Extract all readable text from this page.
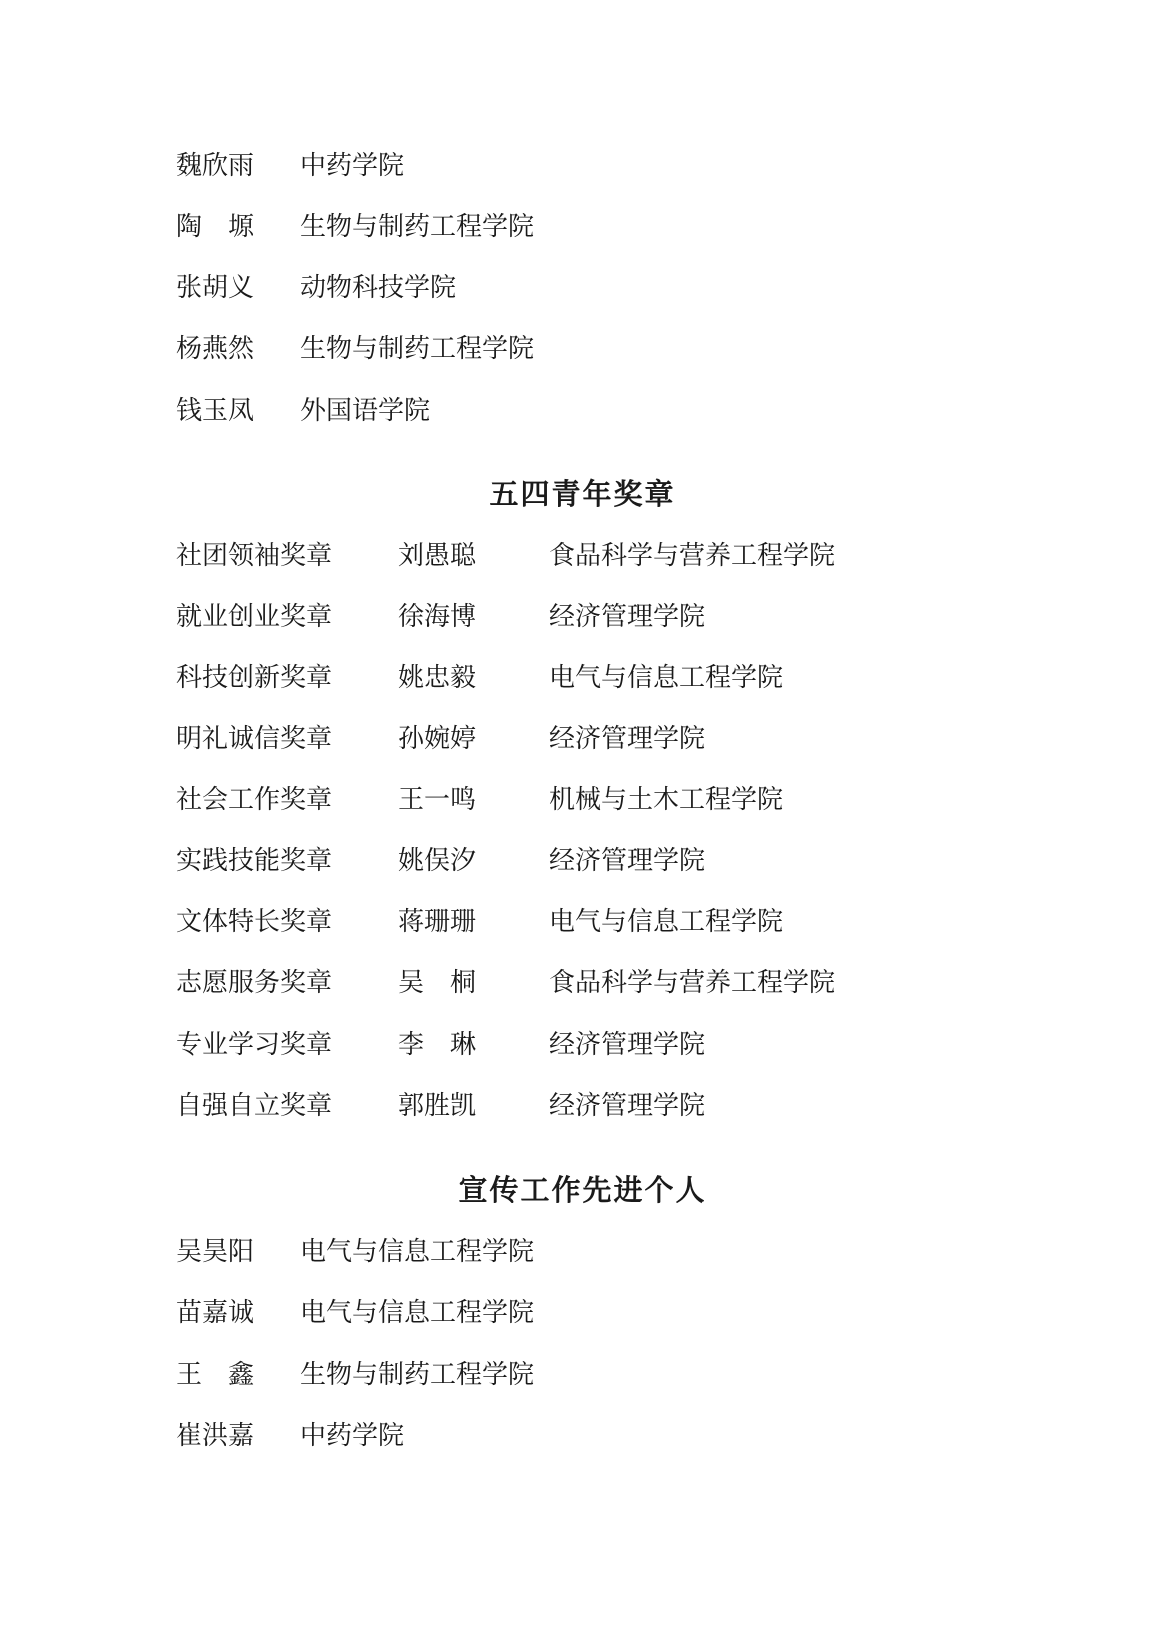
魏欣雨 中药学院
陶　塬 生物与制药工程学院
张胡义 动物科技学院
杨燕然 生物与制药工程学院
钱玉凤 外国语学院
五四青年奖章
社团领袖奖章	刘愚聪	食品科学与营养工程学院
就业创业奖章	徐海博	经济管理学院
科技创新奖章	姚忠毅	电气与信息工程学院
明礼诚信奖章	孙婉婷	经济管理学院
社会工作奖章	王一鸣	机械与土木工程学院
实践技能奖章	姚俣汐	经济管理学院
文体特长奖章	蒋珊珊	电气与信息工程学院
志愿服务奖章	吴　桐	食品科学与营养工程学院
专业学习奖章	李　琳	经济管理学院
自强自立奖章	郭胜凯	经济管理学院
宣传工作先进个人
吴昊阳 电气与信息工程学院
苗嘉诚 电气与信息工程学院
王　鑫 生物与制药工程学院
崔洪嘉 中药学院
